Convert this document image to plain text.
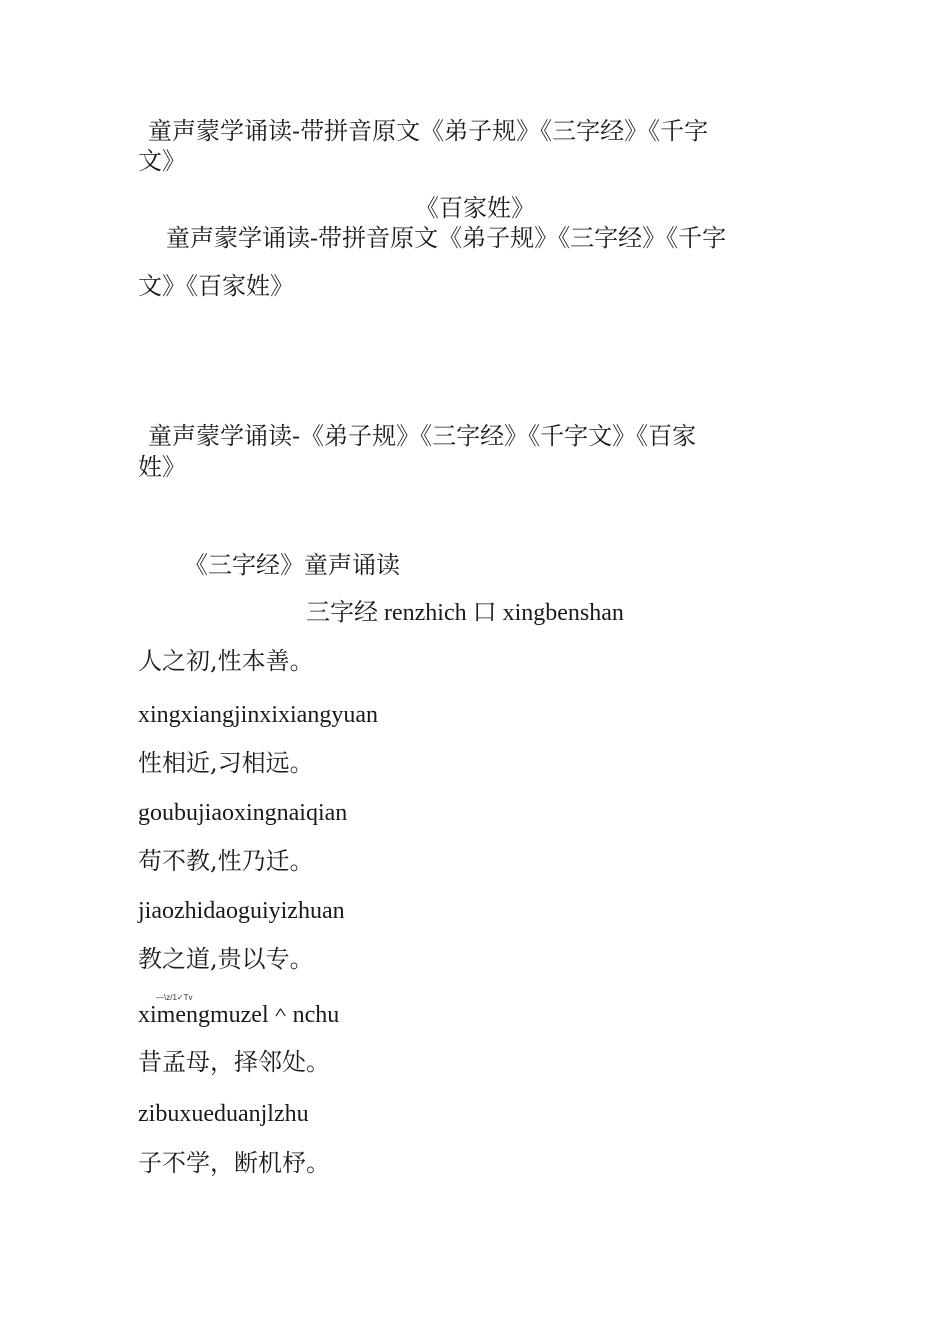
童声蒙学诵读-带拼音原文《弟子规》《三字经》《千字
文》
《百家姓》
童声蒙学诵读-带拼音原文《弟子规》《三字经》《千字
文》《百家姓》
童声蒙学诵读-《弟子规》《三字经》《千字文》《百家
姓》
《三字经》童声诵读
三字经 renzhich 口 xingbenshan
人之初,性本善。
xingxiangjinxixiangyuan
性相近,习相远。
goubujiaoxingnaiqian
苟不教,性乃迁。
jiaozhidaoguiyizhuan
教之道,贵以专。
—\z/1✓Tv
ximengmuzel＾nchu
昔孟母，择邻处。
zibuxueduanjlzhu
子不学，断机杼。
